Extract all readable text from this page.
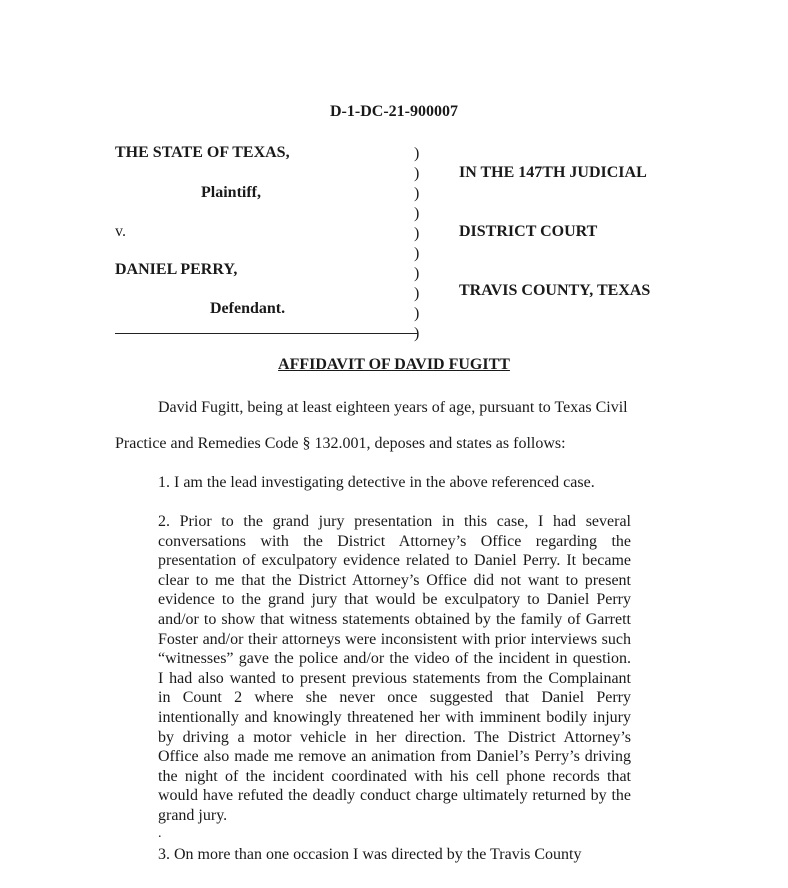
D-1-DC-21-900007
THE STATE OF TEXAS,
Plaintiff,
v.
DANIEL PERRY,
Defendant.
)
)
)
)
)
)
)
)
)
)
IN THE 147TH JUDICIAL
DISTRICT COURT
TRAVIS COUNTY, TEXAS
AFFIDAVIT OF DAVID FUGITT
David Fugitt, being at least eighteen years of age, pursuant to Texas Civil
Practice and Remedies Code § 132.001, deposes and states as follows:
1. I am the lead investigating detective in the above referenced case.
2. Prior to the grand jury presentation in this case, I had several
conversations with the District Attorney’s Office regarding the
presentation of exculpatory evidence related to Daniel Perry. It became
clear to me that the District Attorney’s Office did not want to present
evidence to the grand jury that would be exculpatory to Daniel Perry
and/or to show that witness statements obtained by the family of Garrett
Foster and/or their attorneys were inconsistent with prior interviews such
“witnesses” gave the police and/or the video of the incident in question.
I had also wanted to present previous statements from the Complainant
in Count 2 where she never once suggested that Daniel Perry
intentionally and knowingly threatened her with imminent bodily injury
by driving a motor vehicle in her direction. The District Attorney’s
Office also made me remove an animation from Daniel’s Perry’s driving
the night of the incident coordinated with his cell phone records that
would have refuted the deadly conduct charge ultimately returned by the
grand jury.
.
3. On more than one occasion I was directed by the Travis County
